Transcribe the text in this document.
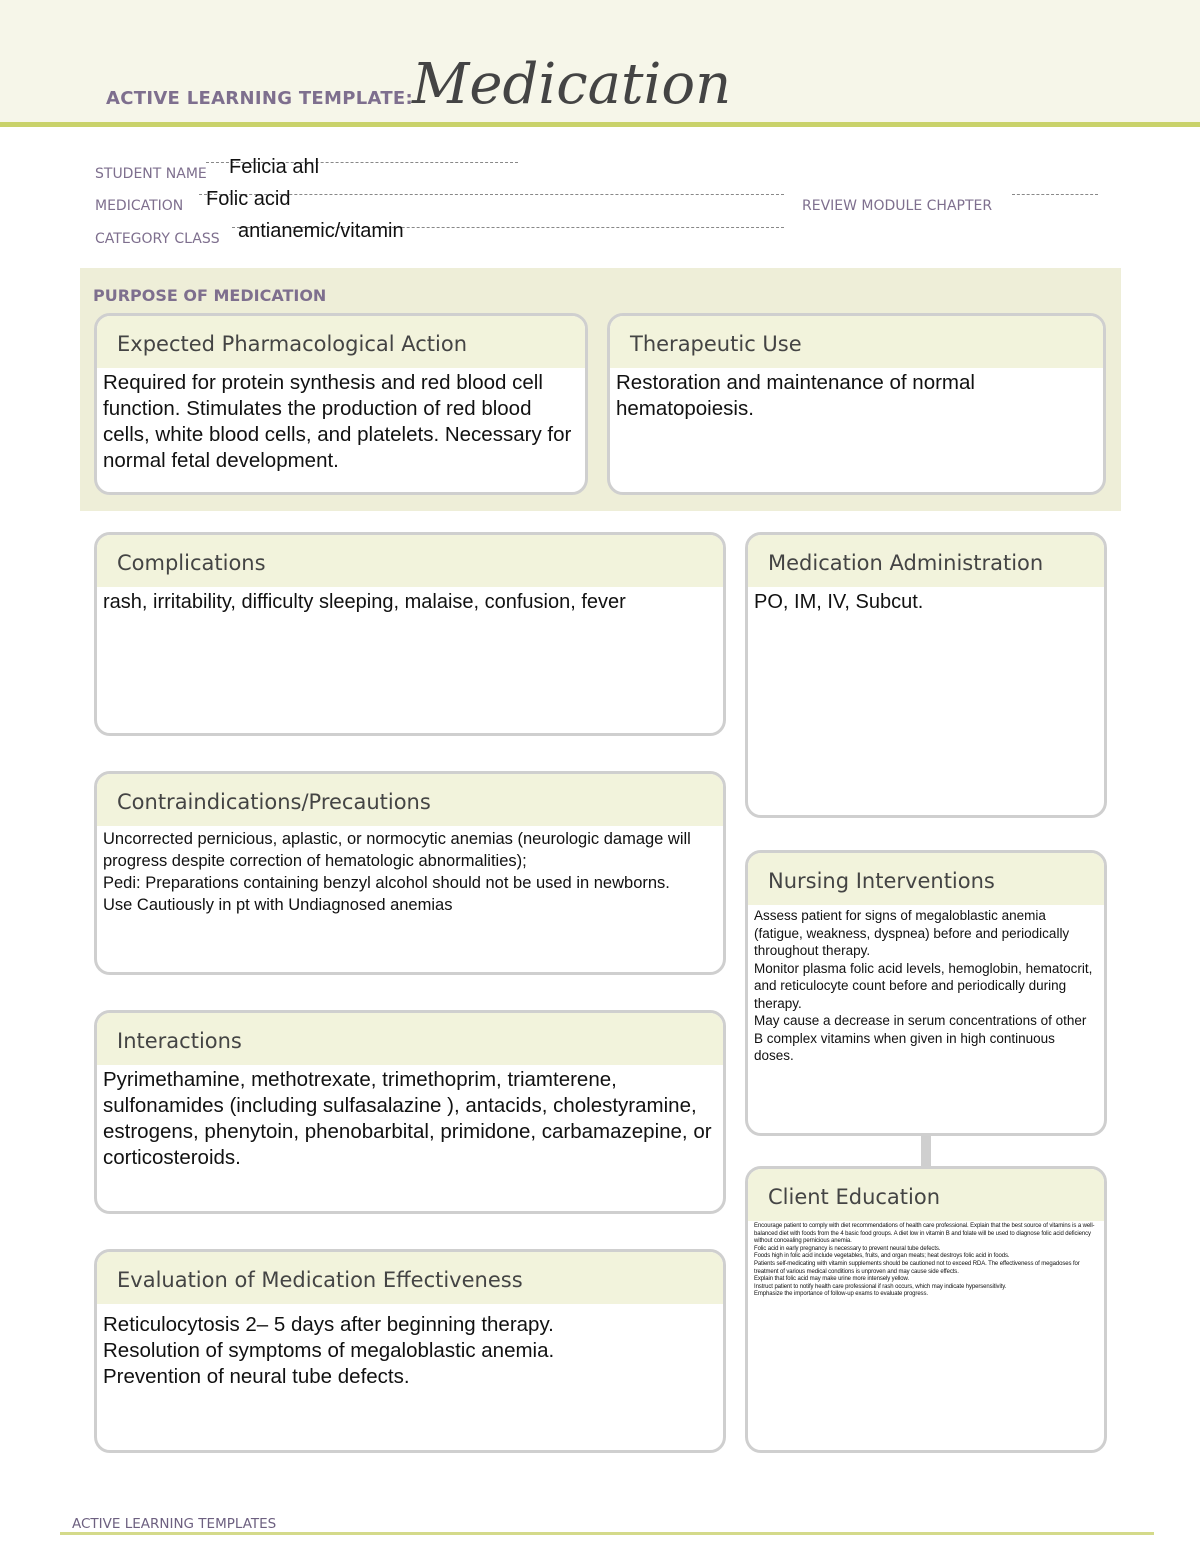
ACTIVE LEARNING TEMPLATE: Medication
STUDENT NAME Felicia ahl
MEDICATION Folic acid	REVIEW MODULE CHAPTER
CATEGORY CLASS antianemic/vitamin
PURPOSE OF MEDICATION
Expected Pharmacological Action
Required for protein synthesis and red blood cell function. Stimulates the production of red blood cells, white blood cells, and platelets. Necessary for normal fetal development.
Therapeutic Use
Restoration and maintenance of normal hematopoiesis.
Complications
rash, irritability, difficulty sleeping, malaise, confusion, fever
Medication Administration
PO, IM, IV, Subcut.
Contraindications/Precautions
Uncorrected pernicious, aplastic, or normocytic anemias (neurologic damage will progress despite correction of hematologic abnormalities);
Pedi: Preparations containing benzyl alcohol should not be used in newborns.
Use Cautiously in pt with Undiagnosed anemias
Nursing Interventions
Assess patient for signs of megaloblastic anemia (fatigue, weakness, dyspnea) before and periodically throughout therapy.
Monitor plasma folic acid levels, hemoglobin, hematocrit, and reticulocyte count before and periodically during therapy.
May cause a decrease in serum concentrations of other B complex vitamins when given in high continuous doses.
Interactions
Pyrimethamine, methotrexate, trimethoprim, triamterene, sulfonamides (including sulfasalazine ), antacids, cholestyramine, estrogens, phenytoin, phenobarbital, primidone, carbamazepine, or corticosteroids.
Client Education
Encourage patient to comply with diet recommendations of health care professional. Explain that the best source of vitamins is a well-balanced diet with foods from the 4 basic food groups. A diet low in vitamin B and folate will be used to diagnose folic acid deficiency without concealing pernicious anemia.
Folic acid in early pregnancy is necessary to prevent neural tube defects.
Foods high in folic acid include vegetables, fruits, and organ meats; heat destroys folic acid in foods.
Patients self-medicating with vitamin supplements should be cautioned not to exceed RDA. The effectiveness of megadoses for treatment of various medical conditions is unproven and may cause side effects.
Explain that folic acid may make urine more intensely yellow.
Instruct patient to notify health care professional if rash occurs, which may indicate hypersensitivity.
Emphasize the importance of follow-up exams to evaluate progress.
Evaluation of Medication Effectiveness
Reticulocytosis 2– 5 days after beginning therapy.
Resolution of symptoms of megaloblastic anemia.
Prevention of neural tube defects.
ACTIVE LEARNING TEMPLATES
